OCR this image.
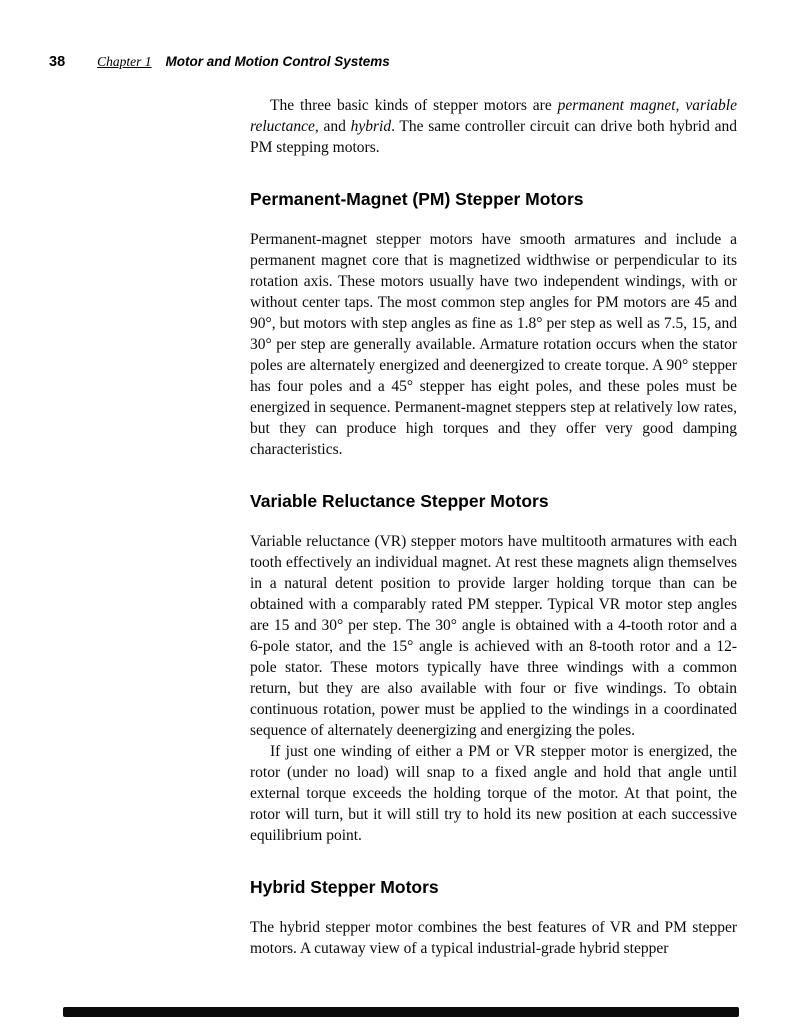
38 Chapter 1 Motor and Motion Control Systems

The three basic kinds of stepper motors are permanent magnet, variable reluctance, and hybrid. The same controller circuit can drive both hybrid and PM stepping motors.

Permanent-Magnet (PM) Stepper Motors

Permanent-magnet stepper motors have smooth armatures and include a permanent magnet core that is magnetized widthwise or perpendicular to its rotation axis. These motors usually have two independent windings, with or without center taps. The most common step angles for PM motors are 45 and 90°, but motors with step angles as fine as 1.8° per step as well as 7.5, 15, and 30° per step are generally available. Armature rotation occurs when the stator poles are alternately energized and deenergized to create torque. A 90° stepper has four poles and a 45° stepper has eight poles, and these poles must be energized in sequence. Permanent-magnet steppers step at relatively low rates, but they can produce high torques and they offer very good damping characteristics.

Variable Reluctance Stepper Motors

Variable reluctance (VR) stepper motors have multitooth armatures with each tooth effectively an individual magnet. At rest these magnets align themselves in a natural detent position to provide larger holding torque than can be obtained with a comparably rated PM stepper. Typical VR motor step angles are 15 and 30° per step. The 30° angle is obtained with a 4-tooth rotor and a 6-pole stator, and the 15° angle is achieved with an 8-tooth rotor and a 12-pole stator. These motors typically have three windings with a common return, but they are also available with four or five windings. To obtain continuous rotation, power must be applied to the windings in a coordinated sequence of alternately deenergizing and energizing the poles.

If just one winding of either a PM or VR stepper motor is energized, the rotor (under no load) will snap to a fixed angle and hold that angle until external torque exceeds the holding torque of the motor. At that point, the rotor will turn, but it will still try to hold its new position at each successive equilibrium point.

Hybrid Stepper Motors

The hybrid stepper motor combines the best features of VR and PM stepper motors. A cutaway view of a typical industrial-grade hybrid stepper
